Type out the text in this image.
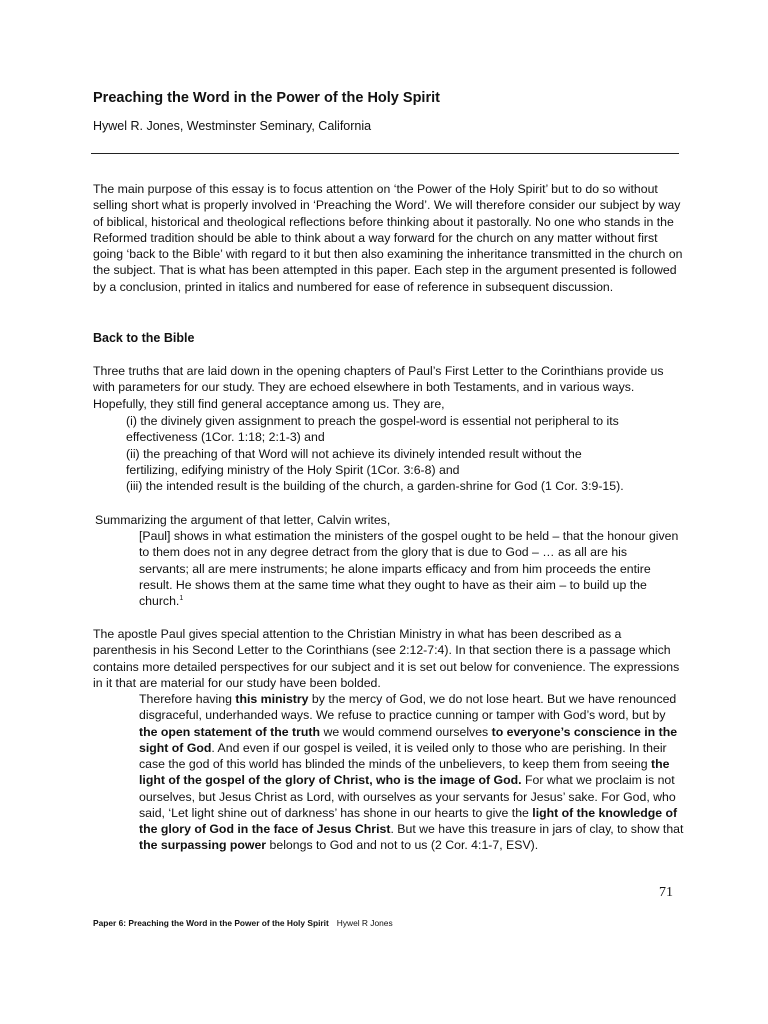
Preaching the Word in the Power of the Holy Spirit
Hywel R. Jones, Westminster Seminary, California

The main purpose of this essay is to focus attention on ‘the Power of the Holy Spirit’ but to do so without selling short what is properly involved in ‘Preaching the Word’. We will therefore consider our subject by way of biblical, historical and theological reflections before thinking about it pastorally. No one who stands in the Reformed tradition should be able to think about a way forward for the church on any matter without first going ‘back to the Bible’ with regard to it but then also examining the inheritance transmitted in the church on the subject. That is what has been attempted in this paper. Each step in the argument presented is followed by a conclusion, printed in italics and numbered for ease of reference in subsequent discussion.

Back to the Bible

Three truths that are laid down in the opening chapters of Paul’s First Letter to the Corinthians provide us with parameters for our study. They are echoed elsewhere in both Testaments, and in various ways. Hopefully, they still find general acceptance among us. They are,

(i) the divinely given assignment to preach the gospel-word is essential not peripheral to its
effectiveness (1Cor. 1:18; 2:1-3) and
(ii) the preaching of that Word will not achieve its divinely intended result without the
fertilizing, edifying ministry of the Holy Spirit (1Cor. 3:6-8) and
(iii) the intended result is the building of the church, a garden-shrine for God (1 Cor. 3:9-15).

Summarizing the argument of that letter, Calvin writes,

[Paul] shows in what estimation the ministers of the gospel ought to be held – that the honour given to them does not in any degree detract from the glory that is due to God – … as all are his servants; all are mere instruments; he alone imparts efficacy and from him proceeds the entire result. He shows them at the same time what they ought to have as their aim – to build up the church.$^1$

The apostle Paul gives special attention to the Christian Ministry in what has been described as a parenthesis in his Second Letter to the Corinthians (see 2:12-7:4). In that section there is a passage which contains more detailed perspectives for our subject and it is set out below for convenience. The expressions in it that are material for our study have been bolded.

Therefore having this ministry by the mercy of God, we do not lose heart. But we have renounced disgraceful, underhanded ways. We refuse to practice cunning or tamper with God’s word, but by the open statement of the truth we would commend ourselves to everyone’s conscience in the sight of God. And even if our gospel is veiled, it is veiled only to those who are perishing. In their case the god of this world has blinded the minds of the unbelievers, to keep them from seeing the light of the gospel of the glory of Christ, who is the image of God. For what we proclaim is not ourselves, but Jesus Christ as Lord, with ourselves as your servants for Jesus’ sake. For God, who said, ‘Let light shine out of darkness’ has shone in our hearts to give the light of the knowledge of the glory of God in the face of Jesus Christ. But we have this treasure in jars of clay, to show that the surpassing power belongs to God and not to us (2 Cor. 4:1-7, ESV).

71
Paper 6: Preaching the Word in the Power of the Holy Spirit Hywel R Jones
